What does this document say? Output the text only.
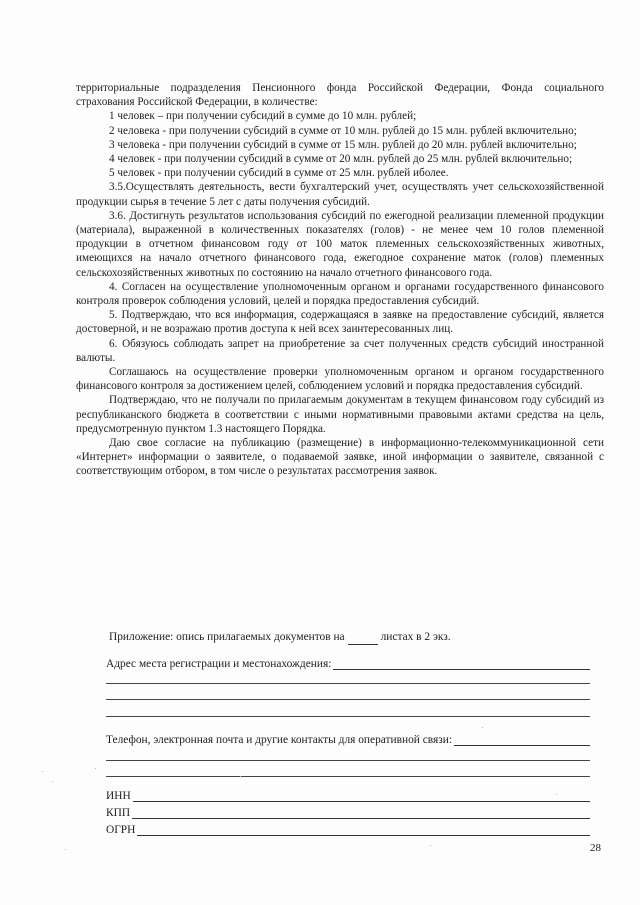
территориальные подразделения Пенсионного фонда Российской Федерации, Фонда социального страхования Российской Федерации, в количестве:

1 человек – при получении субсидий в сумме до 10 млн. рублей;

2 человека - при получении субсидий в сумме от 10 млн. рублей до 15 млн. рублей включительно;

3 человека - при получении субсидий в сумме от 15 млн. рублей до 20 млн. рублей включительно;

4 человек - при получении субсидий в сумме от 20 млн. рублей до 25 млн. рублей включительно;

5 человек - при получении субсидий в сумме от 25 млн. рублей иболее.

3.5.Осуществлять деятельность, вести бухгалтерский учет, осуществлять учет сельскохозяйственной продукции сырья в течение 5 лет с даты получения субсидий.

3.6. Достигнуть результатов использования субсидий по ежегодной реализации племенной продукции (материала), выраженной в количественных показателях (голов) - не менее чем 10 голов племенной продукции в отчетном финансовом году от 100 маток племенных сельскохозяйственных животных, имеющихся на начало отчетного финансового года, ежегодное сохранение маток (голов) племенных сельскохозяйственных животных по состоянию на начало отчетного финансового года.

4. Согласен на осуществление уполномоченным органом и органами государственного финансового контроля проверок соблюдения условий, целей и порядка предоставления субсидий.

5. Подтверждаю, что вся информация, содержащаяся в заявке на предоставление субсидий, является достоверной, и не возражаю против доступа к ней всех заинтересованных лиц.

6. Обязуюсь соблюдать запрет на приобретение за счет полученных средств субсидий иностранной валюты.

Соглашаюсь на осуществление проверки уполномоченным органом и органом государственного финансового контроля за достижением целей, соблюдением условий и порядка предоставления субсидий.

Подтверждаю, что не получали по прилагаемым документам в текущем финансовом году субсидий из республиканского бюджета в соответствии с иными нормативными правовыми актами средства на цель, предусмотренную пунктом 1.3 настоящего Порядка.

Даю свое согласие на публикацию (размещение) в информационно-телекоммуникационной сети «Интернет» информации о заявителе, о подаваемой заявке, иной информации о заявителе, связанной с соответствующим отбором, в том числе о результатах рассмотрения заявок.

Приложение: опись прилагаемых документов на	листах в 2 экз.
Адрес места регистрации и местонахождения:
Телефон, электронная почта и другие контакты для оперативной связи:
ИНН
КПП
ОГРН
28
